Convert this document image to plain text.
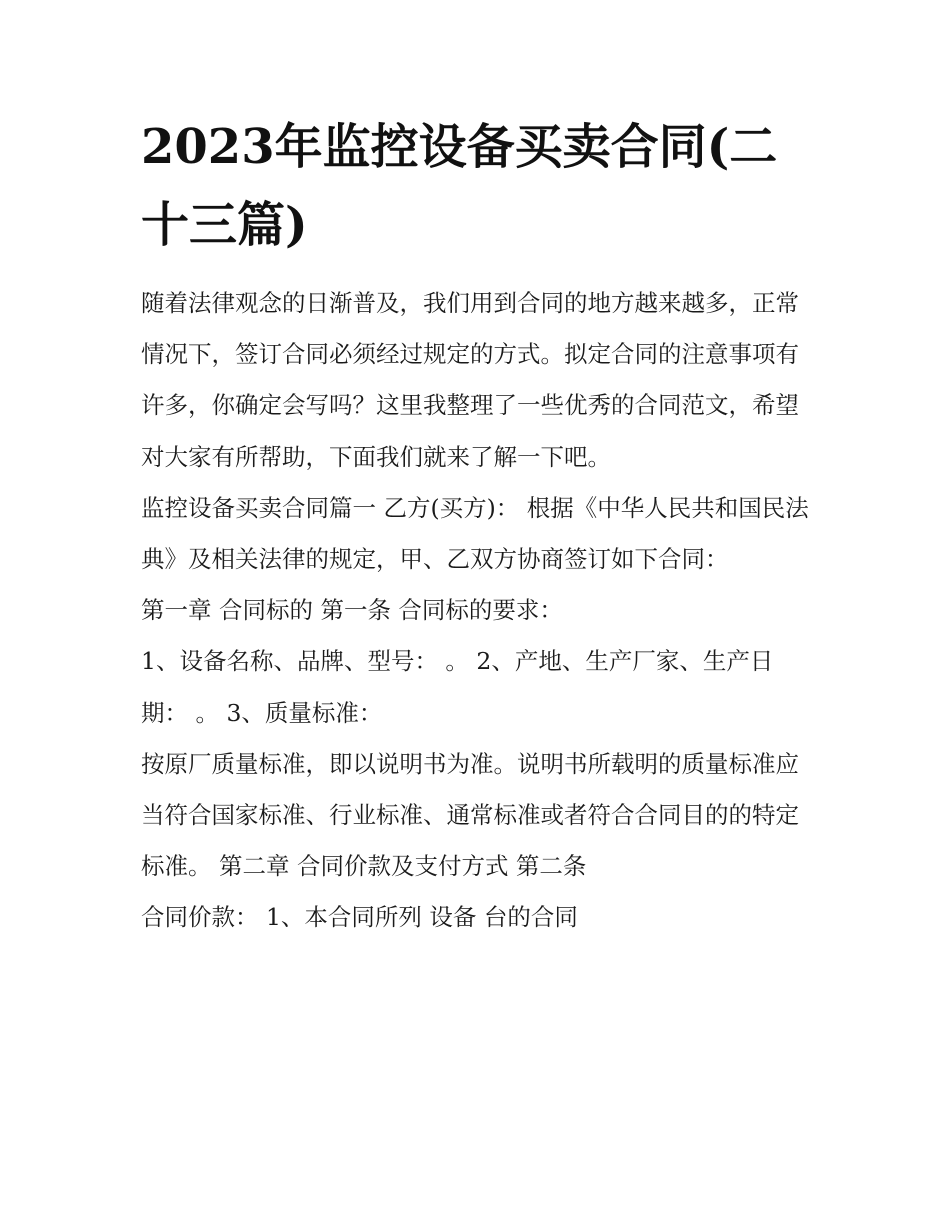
2023年监控设备买卖合同(二十三篇)

随着法律观念的日渐普及，我们用到合同的地方越来越多，正常情况下，签订合同必须经过规定的方式。拟定合同的注意事项有许多，你确定会写吗？这里我整理了一些优秀的合同范文，希望对大家有所帮助，下面我们就来了解一下吧。

监控设备买卖合同篇一 乙方(买方)： 根据《中华人民共和国民法典》及相关法律的规定，甲、乙双方协商签订如下合同：

第一章 合同标的 第一条 合同标的要求：

1、设备名称、品牌、型号： 。 2、产地、生产厂家、生产日期： 。 3、质量标准：

按原厂质量标准，即以说明书为准。说明书所载明的质量标准应当符合国家标准、行业标准、通常标准或者符合合同目的的特定标准。 第二章 合同价款及支付方式 第二条

合同价款： 1、本合同所列 设备 台的合同
